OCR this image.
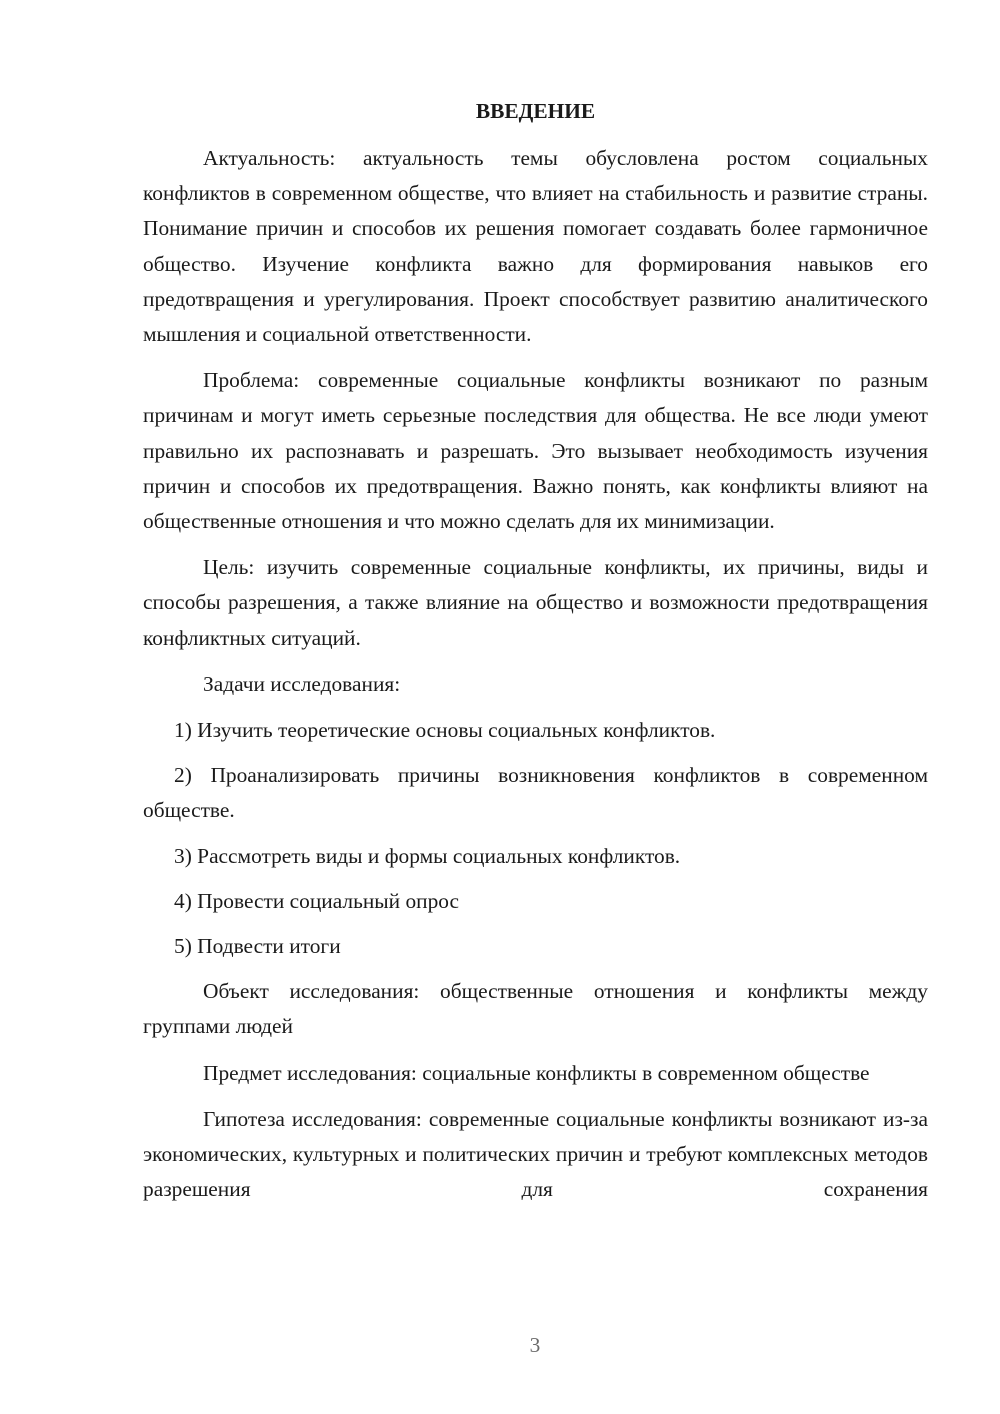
ВВЕДЕНИЕ

Актуальность: актуальность темы обусловлена ростом социальных конфликтов в современном обществе, что влияет на стабильность и развитие страны. Понимание причин и способов их решения помогает создавать более гармоничное общество. Изучение конфликта важно для формирования навыков его предотвращения и урегулирования. Проект способствует развитию аналитического мышления и социальной ответственности.

Проблема: современные социальные конфликты возникают по разным причинам и могут иметь серьезные последствия для общества. Не все люди умеют правильно их распознавать и разрешать. Это вызывает необходимость изучения причин и способов их предотвращения. Важно понять, как конфликты влияют на общественные отношения и что можно сделать для их минимизации.

Цель: изучить современные социальные конфликты, их причины, виды и способы разрешения, а также влияние на общество и возможности предотвращения конфликтных ситуаций.

Задачи исследования:

1) Изучить теоретические основы социальных конфликтов.

2) Проанализировать причины возникновения конфликтов в современном обществе.

3) Рассмотреть виды и формы социальных конфликтов.

4) Провести социальный опрос

5) Подвести итоги

Объект исследования: общественные отношения и конфликты между группами людей

Предмет исследования: социальные конфликты в современном обществе

Гипотеза исследования: современные социальные конфликты возникают из-за экономических, культурных и политических причин и требуют комплексных методов разрешения для сохранения

3
